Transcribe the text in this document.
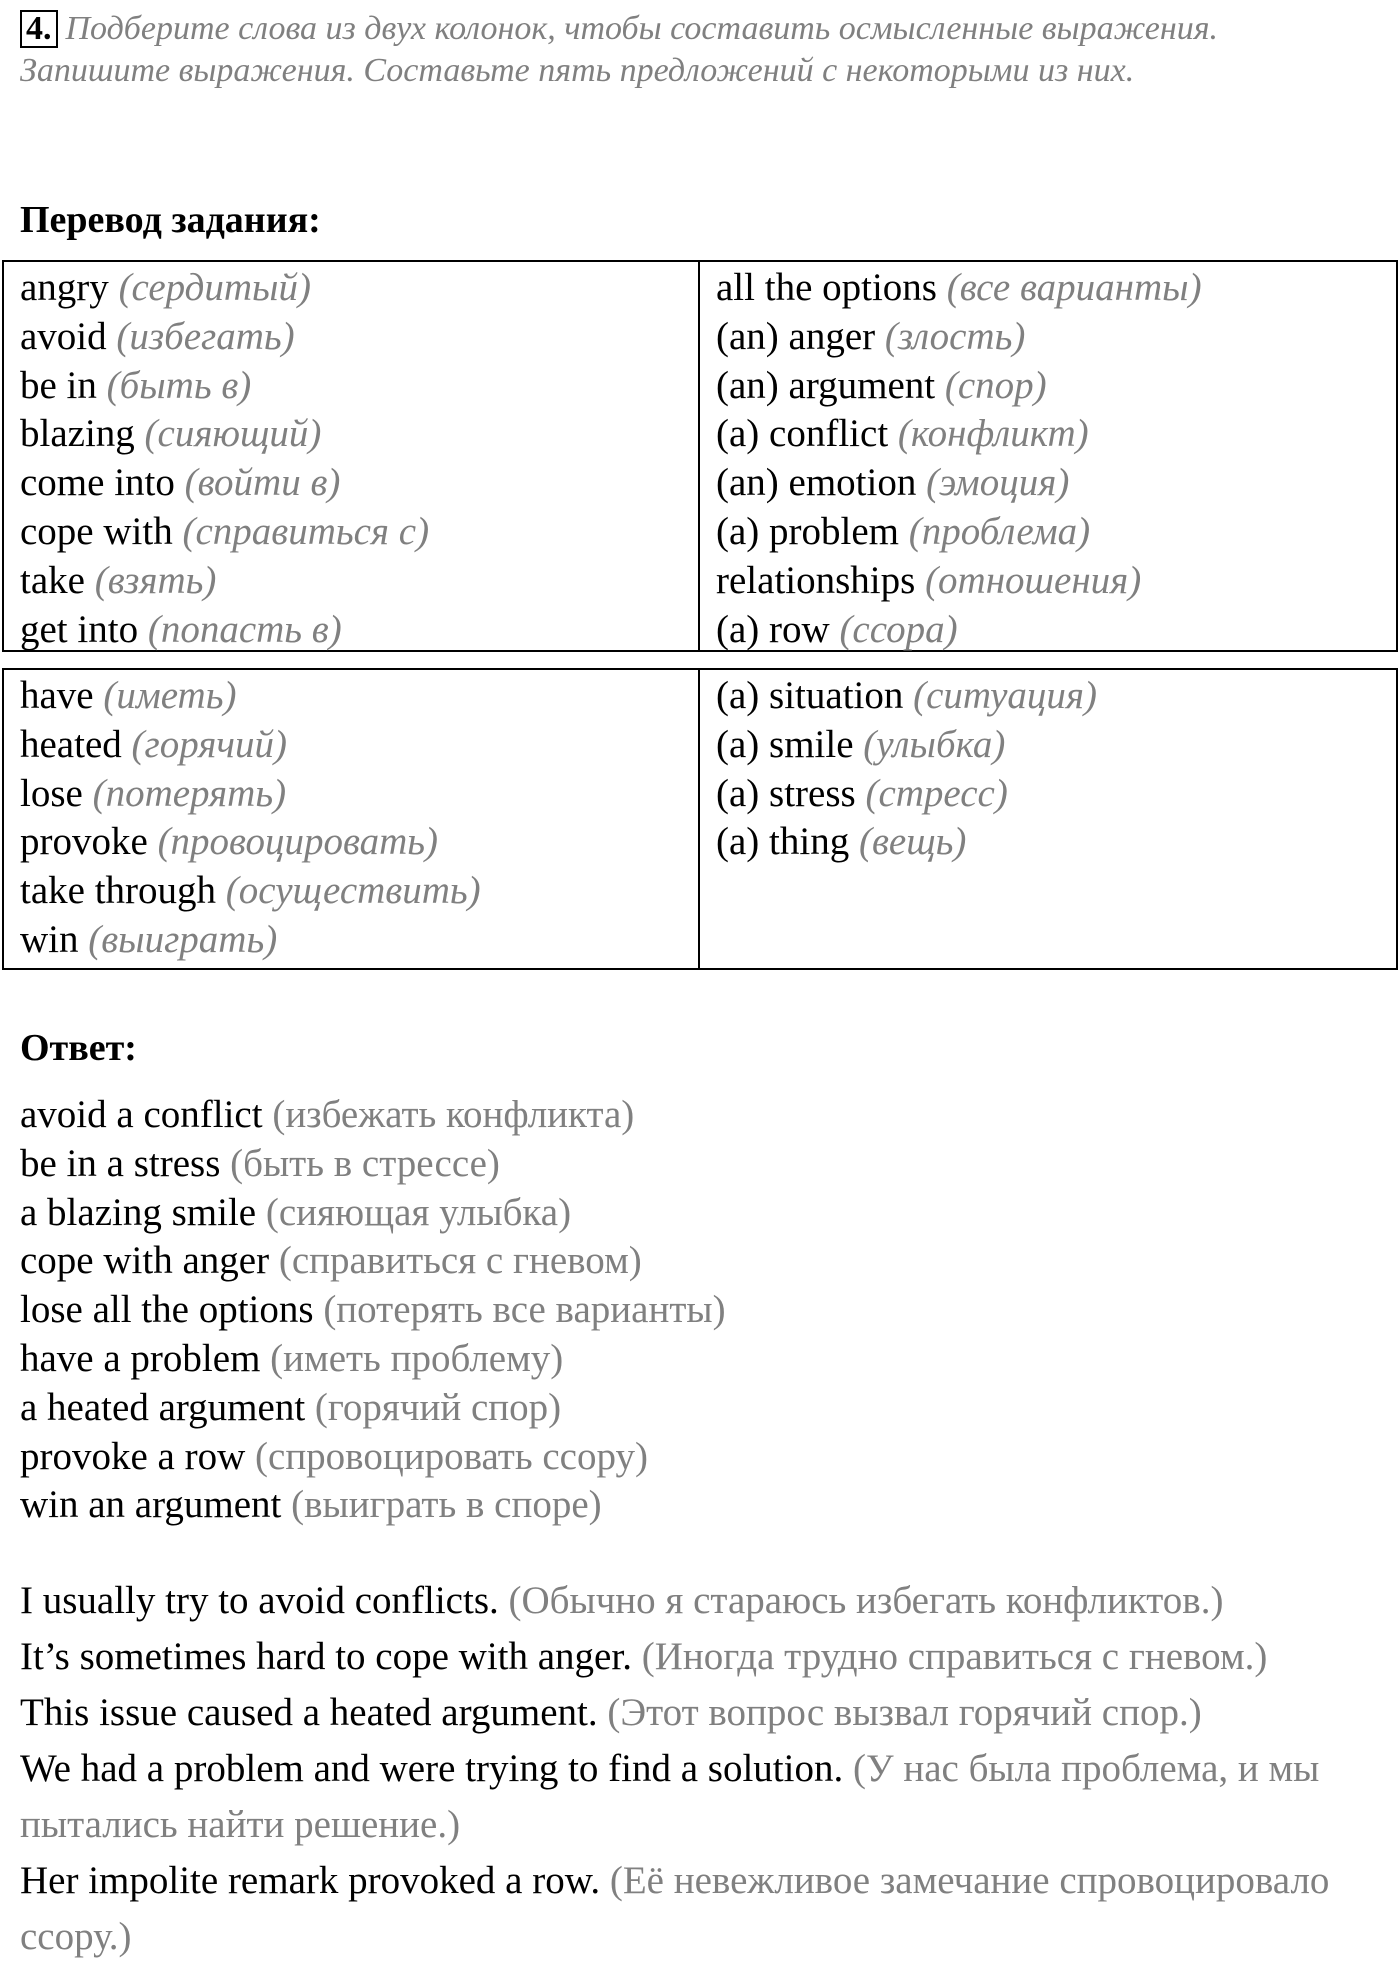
4. Подберите слова из двух колонок, чтобы составить осмысленные выражения.
Запишите выражения. Составьте пять предложений с некоторыми из них.
Перевод задания:
angry (сердитый)
avoid (избегать)
be in (быть в)
blazing (сияющий)
come into (войти в)
cope with (справиться с)
take (взять)
get into (попасть в)
all the options (все варианты)
(an) anger (злость)
(an) argument (спор)
(a) conflict (конфликт)
(an) emotion (эмоция)
(a) problem (проблема)
relationships (отношения)
(a) row (ссора)
have (иметь)
heated (горячий)
lose (потерять)
provoke (провоцировать)
take through (осуществить)
win (выиграть)
(a) situation (ситуация)
(a) smile (улыбка)
(a) stress (стресс)
(a) thing (вещь)
Ответ:
avoid a conflict (избежать конфликта)
be in a stress (быть в стрессе)
a blazing smile (сияющая улыбка)
cope with anger (справиться с гневом)
lose all the options (потерять все варианты)
have a problem (иметь проблему)
a heated argument (горячий спор)
provoke a row (спровоцировать ссору)
win an argument (выиграть в споре)
I usually try to avoid conflicts. (Обычно я стараюсь избегать конфликтов.)
It’s sometimes hard to cope with anger. (Иногда трудно справиться с гневом.)
This issue caused a heated argument. (Этот вопрос вызвал горячий спор.)
We had a problem and were trying to find a solution. (У нас была проблема, и мы пытались найти решение.)
Her impolite remark provoked a row. (Её невежливое замечание спровоцировало ссору.)
